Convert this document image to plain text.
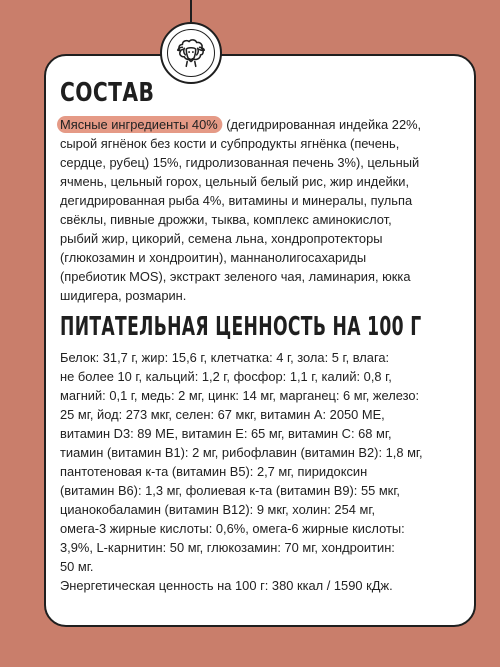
СОСТАВ
Мясные ингредиенты 40% (дегидрированная индейка 22%,
сырой ягнёнок без кости и субпродукты ягнёнка (печень,
сердце, рубец) 15%, гидролизованная печень 3%), цельный
ячмень, цельный горох, цельный белый рис, жир индейки,
дегидрированная рыба 4%, витамины и минералы, пульпа
свёклы, пивные дрожжи, тыква, комплекс аминокислот,
рыбий жир, цикорий, семена льна, хондропротекторы
(глюкозамин и хондроитин), маннанолигосахариды
(пребиотик MOS), экстракт зеленого чая, ламинария, юкка
шидигера, розмарин.
ПИТАТЕЛЬНАЯ ЦЕННОСТЬ НА 100 Г
Белок: 31,7 г, жир: 15,6 г, клетчатка: 4 г, зола: 5 г, влага:
не более 10 г, кальций: 1,2 г, фосфор: 1,1 г, калий: 0,8 г,
магний: 0,1 г, медь: 2 мг, цинк: 14 мг, марганец: 6 мг, железо:
25 мг, йод: 273 мкг, селен: 67 мкг, витамин А: 2050 МЕ,
витамин D3: 89 МЕ, витамин Е: 65 мг, витамин С: 68 мг,
тиамин (витамин В1): 2 мг, рибофлавин (витамин В2): 1,8 мг,
пантотеновая к-та (витамин В5): 2,7 мг, пиридоксин
(витамин В6): 1,3 мг, фолиевая к-та (витамин В9): 55 мкг,
цианокобаламин (витамин В12): 9 мкг, холин: 254 мг,
омега-3 жирные кислоты: 0,6%, омега-6 жирные кислоты:
3,9%, L-карнитин: 50 мг, глюкозамин: 70 мг, хондроитин:
50 мг.
Энергетическая ценность на 100 г: 380 ккал / 1590 кДж.
